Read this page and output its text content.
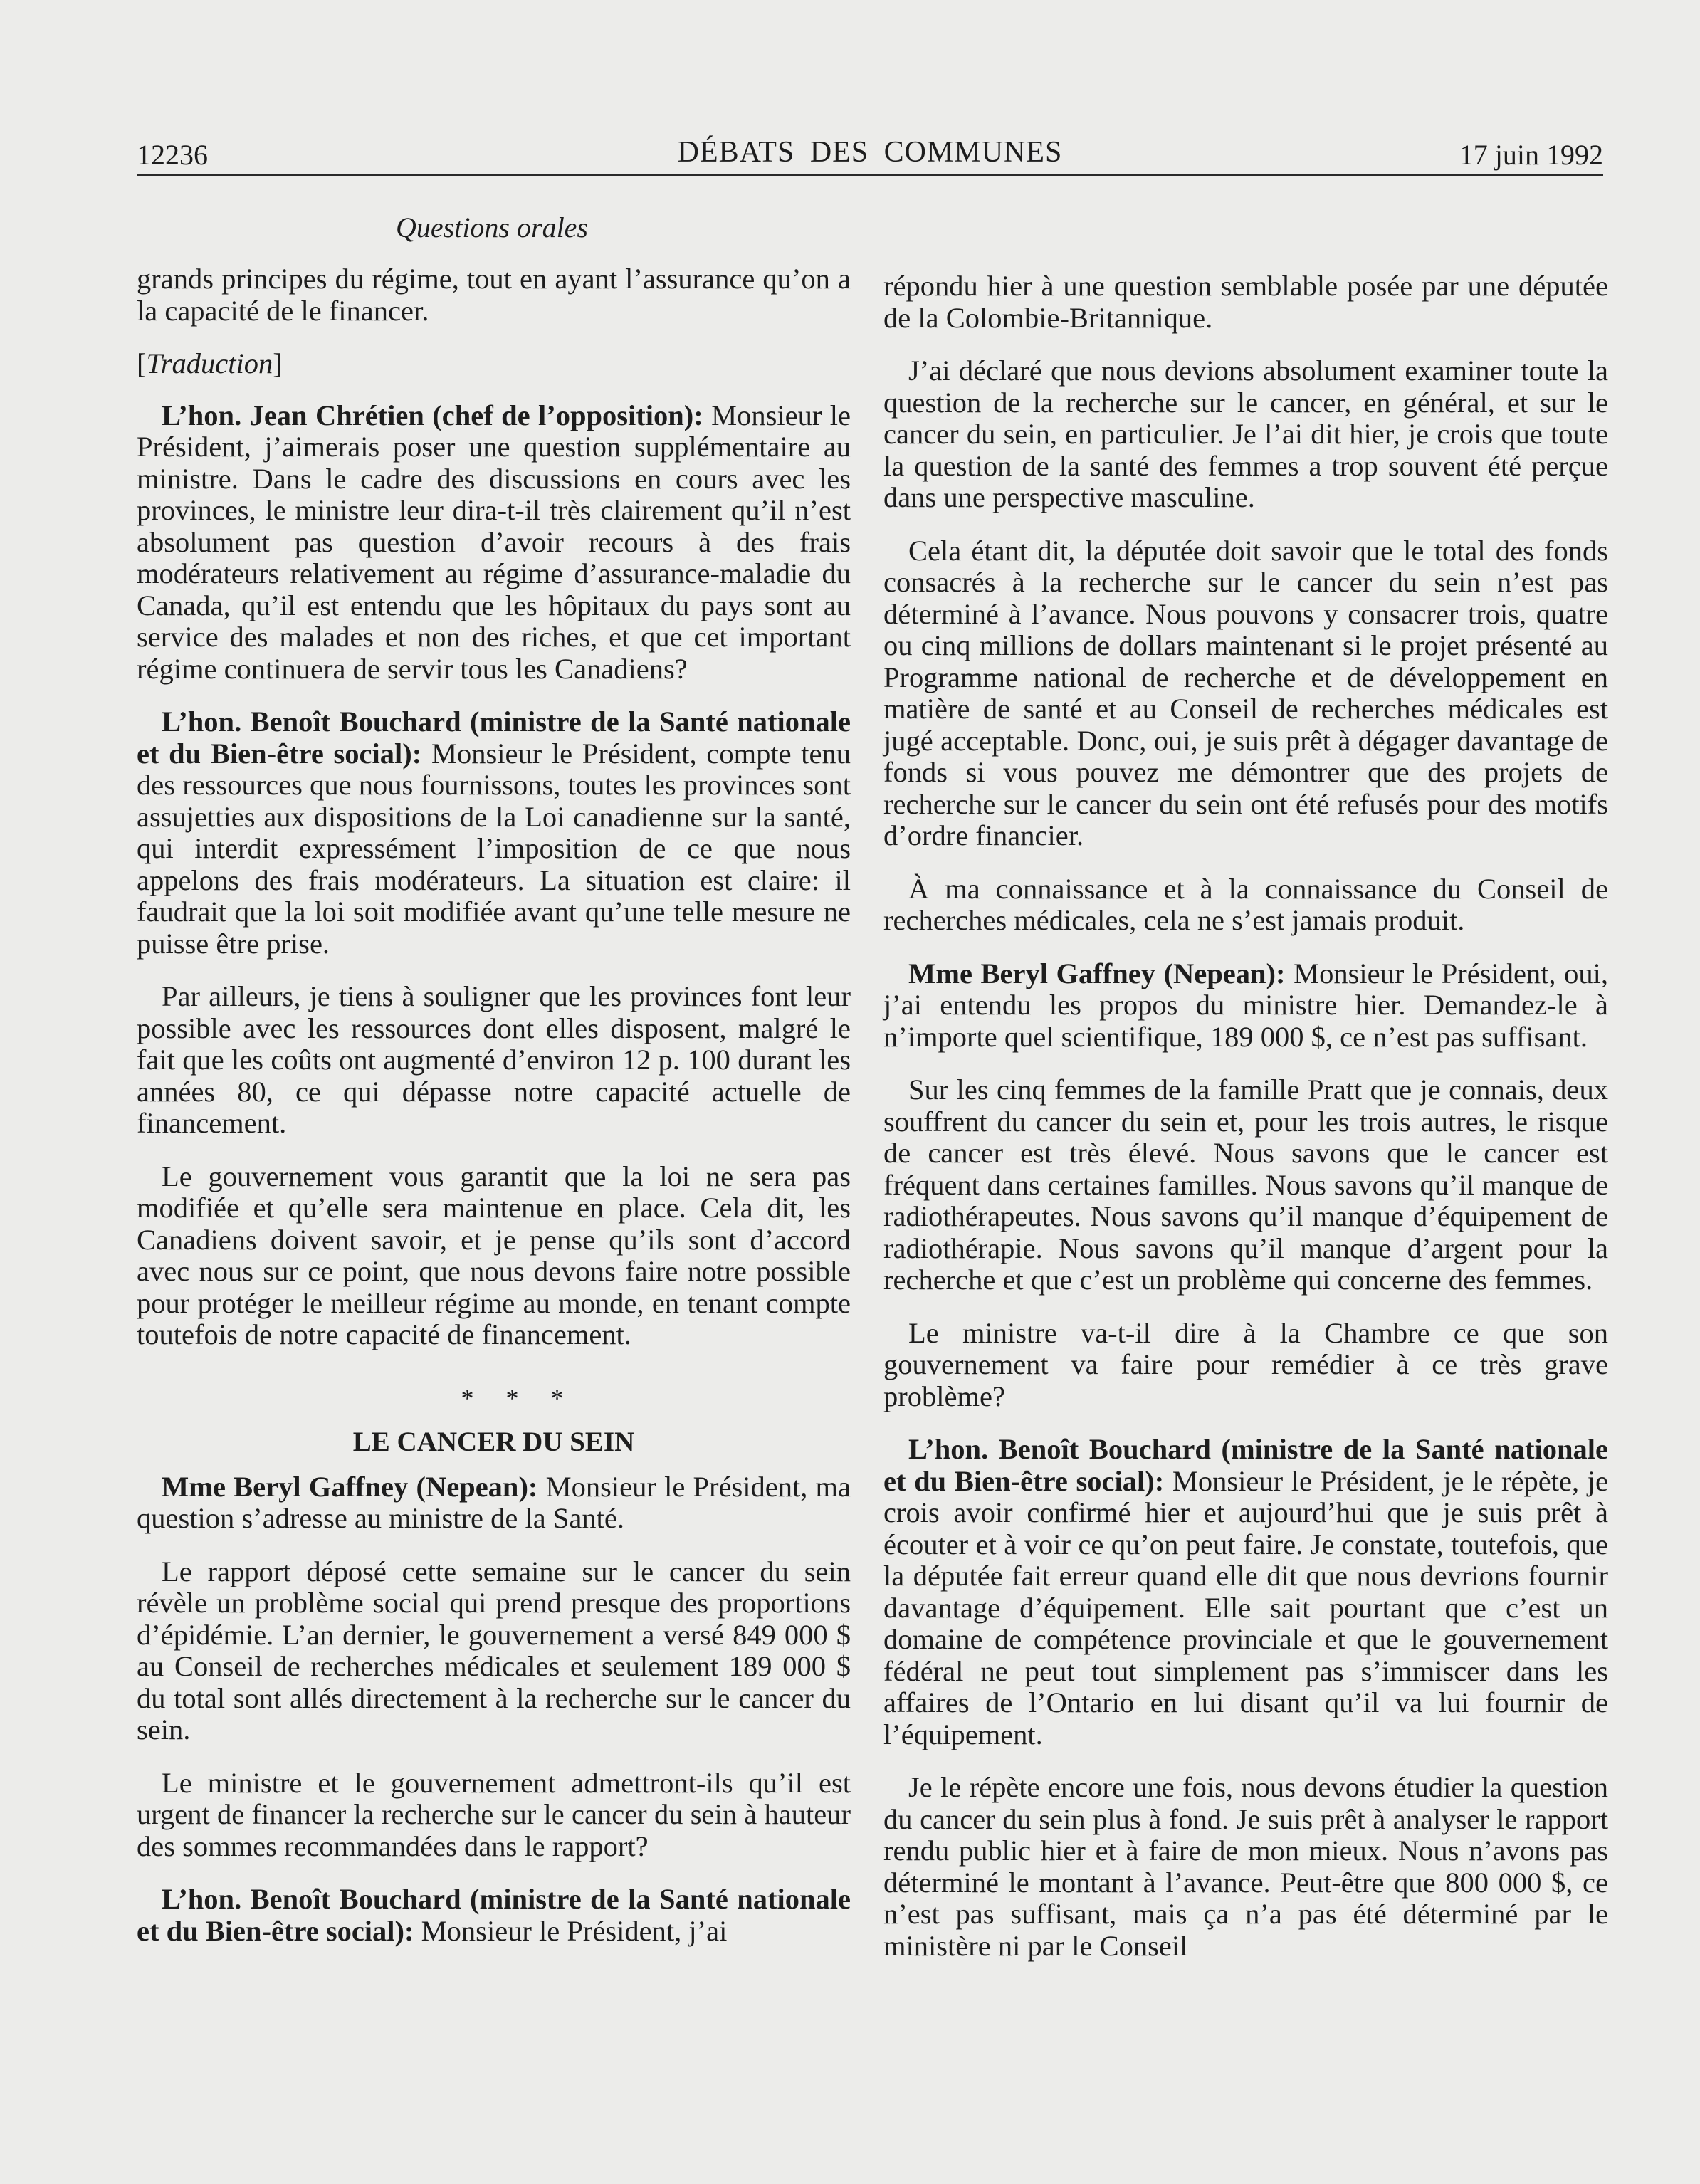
12236	DÉBATS DES COMMUNES	17 juin 1992
Questions orales

grands principes du régime, tout en ayant l’assurance qu’on a la capacité de le financer.

[Traduction]

L’hon. Jean Chrétien (chef de l’opposition): Monsieur le Président, j’aimerais poser une question supplémentaire au ministre. Dans le cadre des discussions en cours avec les provinces, le ministre leur dira-t-il très clairement qu’il n’est absolument pas question d’avoir recours à des frais modérateurs relativement au régime d’assurance-maladie du Canada, qu’il est entendu que les hôpitaux du pays sont au service des malades et non des riches, et que cet important régime continuera de servir tous les Canadiens?

L’hon. Benoît Bouchard (ministre de la Santé nationale et du Bien-être social): Monsieur le Président, compte tenu des ressources que nous fournissons, toutes les provinces sont assujetties aux dispositions de la Loi canadienne sur la santé, qui interdit expressément l’imposition de ce que nous appelons des frais modérateurs. La situation est claire: il faudrait que la loi soit modifiée avant qu’une telle mesure ne puisse être prise.

Par ailleurs, je tiens à souligner que les provinces font leur possible avec les ressources dont elles disposent, malgré le fait que les coûts ont augmenté d’environ 12 p. 100 durant les années 80, ce qui dépasse notre capacité actuelle de financement.

Le gouvernement vous garantit que la loi ne sera pas modifiée et qu’elle sera maintenue en place. Cela dit, les Canadiens doivent savoir, et je pense qu’ils sont d’accord avec nous sur ce point, que nous devons faire notre possible pour protéger le meilleur régime au monde, en tenant compte toutefois de notre capacité de financement.

* * *

LE CANCER DU SEIN

Mme Beryl Gaffney (Nepean): Monsieur le Président, ma question s’adresse au ministre de la Santé.

Le rapport déposé cette semaine sur le cancer du sein révèle un problème social qui prend presque des proportions d’épidémie. L’an dernier, le gouvernement a versé 849 000 $ au Conseil de recherches médicales et seulement 189 000 $ du total sont allés directement à la recherche sur le cancer du sein.

Le ministre et le gouvernement admettront-ils qu’il est urgent de financer la recherche sur le cancer du sein à hauteur des sommes recommandées dans le rapport?

L’hon. Benoît Bouchard (ministre de la Santé nationale et du Bien-être social): Monsieur le Président, j’ai

répondu hier à une question semblable posée par une députée de la Colombie-Britannique.

J’ai déclaré que nous devions absolument examiner toute la question de la recherche sur le cancer, en général, et sur le cancer du sein, en particulier. Je l’ai dit hier, je crois que toute la question de la santé des femmes a trop souvent été perçue dans une perspective masculine.

Cela étant dit, la députée doit savoir que le total des fonds consacrés à la recherche sur le cancer du sein n’est pas déterminé à l’avance. Nous pouvons y consacrer trois, quatre ou cinq millions de dollars maintenant si le projet présenté au Programme national de recherche et de développement en matière de santé et au Conseil de recherches médicales est jugé acceptable. Donc, oui, je suis prêt à dégager davantage de fonds si vous pouvez me démontrer que des projets de recherche sur le cancer du sein ont été refusés pour des motifs d’ordre financier.

À ma connaissance et à la connaissance du Conseil de recherches médicales, cela ne s’est jamais produit.

Mme Beryl Gaffney (Nepean): Monsieur le Président, oui, j’ai entendu les propos du ministre hier. Demandez-le à n’importe quel scientifique, 189 000 $, ce n’est pas suffisant.

Sur les cinq femmes de la famille Pratt que je connais, deux souffrent du cancer du sein et, pour les trois autres, le risque de cancer est très élevé. Nous savons que le cancer est fréquent dans certaines familles. Nous savons qu’il manque de radiothérapeutes. Nous savons qu’il manque d’équipement de radiothérapie. Nous savons qu’il manque d’argent pour la recherche et que c’est un problème qui concerne des femmes.

Le ministre va-t-il dire à la Chambre ce que son gouvernement va faire pour remédier à ce très grave problème?

L’hon. Benoît Bouchard (ministre de la Santé nationale et du Bien-être social): Monsieur le Président, je le répète, je crois avoir confirmé hier et aujourd’hui que je suis prêt à écouter et à voir ce qu’on peut faire. Je constate, toutefois, que la députée fait erreur quand elle dit que nous devrions fournir davantage d’équipement. Elle sait pourtant que c’est un domaine de compétence provinciale et que le gouvernement fédéral ne peut tout simplement pas s’immiscer dans les affaires de l’Ontario en lui disant qu’il va lui fournir de l’équipement.

Je le répète encore une fois, nous devons étudier la question du cancer du sein plus à fond. Je suis prêt à analyser le rapport rendu public hier et à faire de mon mieux. Nous n’avons pas déterminé le montant à l’avance. Peut-être que 800 000 $, ce n’est pas suffisant, mais ça n’a pas été déterminé par le ministère ni par le Conseil
